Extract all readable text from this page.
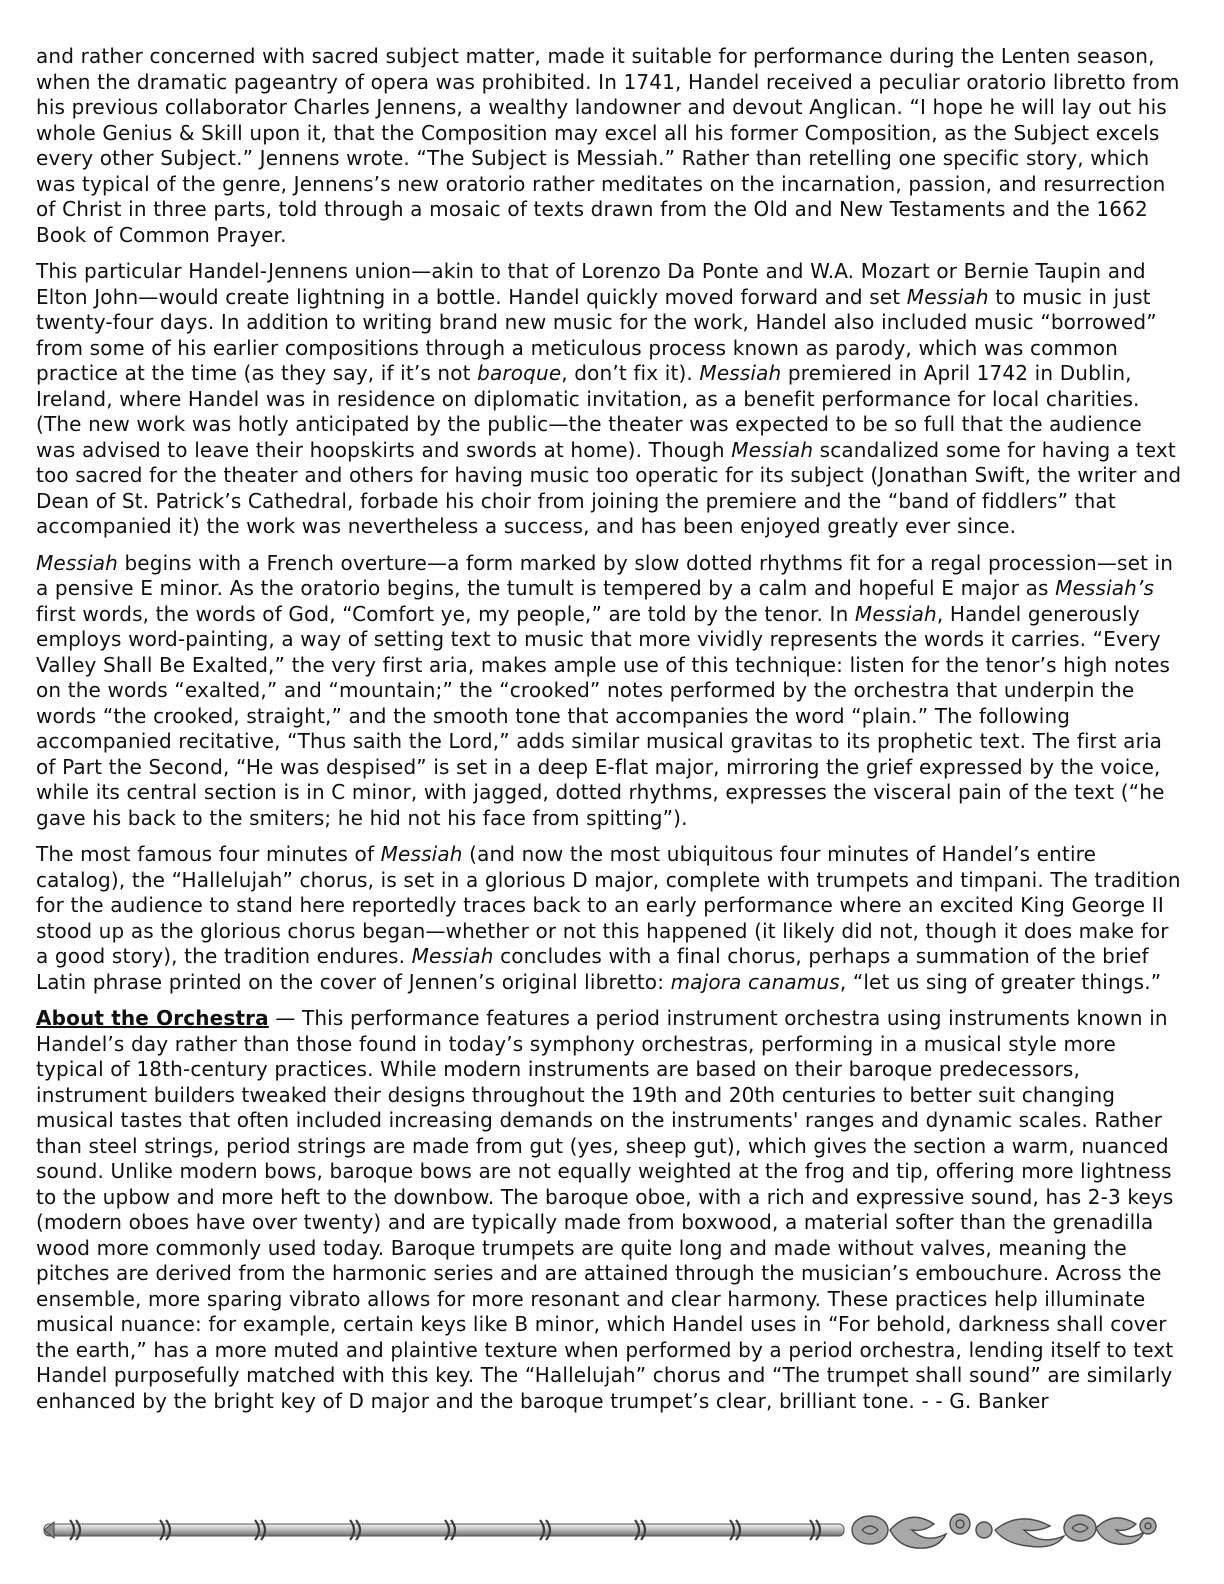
and rather concerned with sacred subject matter, made it suitable for performance during the Lenten season, when the dramatic pageantry of opera was prohibited. In 1741, Handel received a peculiar oratorio libretto from his previous collaborator Charles Jennens, a wealthy landowner and devout Anglican. “I hope he will lay out his whole Genius & Skill upon it, that the Composition may excel all his former Composition, as the Subject excels every other Subject.” Jennens wrote. “The Subject is Messiah.” Rather than retelling one specific story, which was typical of the genre, Jennens’s new oratorio rather meditates on the incarnation, passion, and resurrection of Christ in three parts, told through a mosaic of texts drawn from the Old and New Testaments and the 1662 Book of Common Prayer.

This particular Handel-Jennens union—akin to that of Lorenzo Da Ponte and W.A. Mozart or Bernie Taupin and Elton John—would create lightning in a bottle. Handel quickly moved forward and set Messiah to music in just twenty-four days. In addition to writing brand new music for the work, Handel also included music “borrowed” from some of his earlier compositions through a meticulous process known as parody, which was common practice at the time (as they say, if it’s not baroque, don’t fix it). Messiah premiered in April 1742 in Dublin, Ireland, where Handel was in residence on diplomatic invitation, as a benefit performance for local charities. (The new work was hotly anticipated by the public—the theater was expected to be so full that the audience was advised to leave their hoopskirts and swords at home). Though Messiah scandalized some for having a text too sacred for the theater and others for having music too operatic for its subject (Jonathan Swift, the writer and Dean of St. Patrick’s Cathedral, forbade his choir from joining the premiere and the “band of fiddlers” that accompanied it) the work was nevertheless a success, and has been enjoyed greatly ever since.

Messiah begins with a French overture—a form marked by slow dotted rhythms fit for a regal procession—set in a pensive E minor. As the oratorio begins, the tumult is tempered by a calm and hopeful E major as Messiah’s first words, the words of God, “Comfort ye, my people,” are told by the tenor. In Messiah, Handel generously employs word-painting, a way of setting text to music that more vividly represents the words it carries. “Every Valley Shall Be Exalted,” the very first aria, makes ample use of this technique: listen for the tenor’s high notes on the words “exalted,” and “mountain;” the “crooked” notes performed by the orchestra that underpin the words “the crooked, straight,” and the smooth tone that accompanies the word “plain.” The following accompanied recitative, “Thus saith the Lord,” adds similar musical gravitas to its prophetic text. The first aria of Part the Second, “He was despised” is set in a deep E-flat major, mirroring the grief expressed by the voice, while its central section is in C minor, with jagged, dotted rhythms, expresses the visceral pain of the text (“he gave his back to the smiters; he hid not his face from spitting”).

The most famous four minutes of Messiah (and now the most ubiquitous four minutes of Handel’s entire catalog), the “Hallelujah” chorus, is set in a glorious D major, complete with trumpets and timpani. The tradition for the audience to stand here reportedly traces back to an early performance where an excited King George II stood up as the glorious chorus began—whether or not this happened (it likely did not, though it does make for a good story), the tradition endures. Messiah concludes with a final chorus, perhaps a summation of the brief Latin phrase printed on the cover of Jennen’s original libretto: majora canamus, “let us sing of greater things.”

About the Orchestra — This performance features a period instrument orchestra using instruments known in Handel’s day rather than those found in today’s symphony orchestras, performing in a musical style more typical of 18th-century practices. While modern instruments are based on their baroque predecessors, instrument builders tweaked their designs throughout the 19th and 20th centuries to better suit changing musical tastes that often included increasing demands on the instruments' ranges and dynamic scales. Rather than steel strings, period strings are made from gut (yes, sheep gut), which gives the section a warm, nuanced sound. Unlike modern bows, baroque bows are not equally weighted at the frog and tip, offering more lightness to the upbow and more heft to the downbow. The baroque oboe, with a rich and expressive sound, has 2-3 keys (modern oboes have over twenty) and are typically made from boxwood, a material softer than the grenadilla wood more commonly used today. Baroque trumpets are quite long and made without valves, meaning the pitches are derived from the harmonic series and are attained through the musician’s embouchure. Across the ensemble, more sparing vibrato allows for more resonant and clear harmony. These practices help illuminate musical nuance: for example, certain keys like B minor, which Handel uses in “For behold, darkness shall cover the earth,” has a more muted and plaintive texture when performed by a period orchestra, lending itself to text Handel purposefully matched with this key. The “Hallelujah” chorus and “The trumpet shall sound” are similarly enhanced by the bright key of D major and the baroque trumpet’s clear, brilliant tone. - - G. Banker
